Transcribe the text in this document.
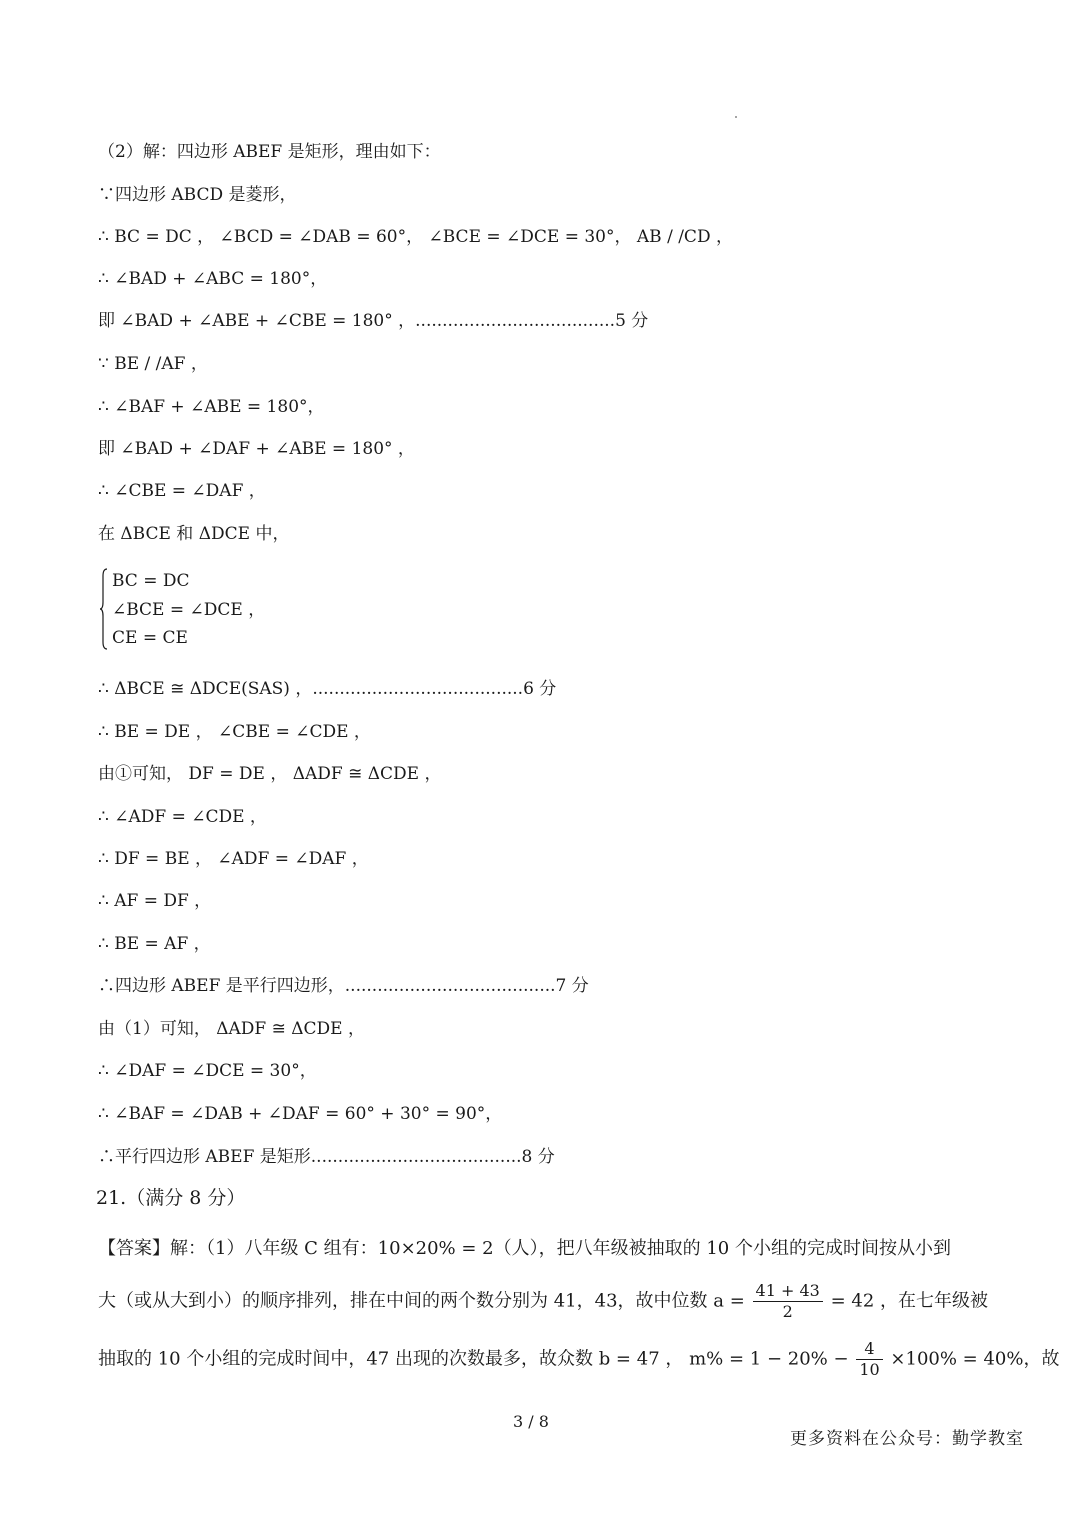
（2）解：四边形 ABEF 是矩形，理由如下：
∵四边形 ABCD 是菱形，
∴ BC = DC ， ∠BCD = ∠DAB = 60°， ∠BCE = ∠DCE = 30°， AB / /CD ，
∴ ∠BAD + ∠ABC = 180°，
即 ∠BAD + ∠ABE + ∠CBE = 180° ，.....................................5 分
∵ BE / /AF ，
∴ ∠BAF + ∠ABE = 180°，
即 ∠BAD + ∠DAF + ∠ABE = 180° ，
∴ ∠CBE = ∠DAF ，
在 ΔBCE 和 ΔDCE 中，
BC = DC
∠BCE = ∠DCE ，
CE = CE
∴ ΔBCE ≅ ΔDCE(SAS) ，.......................................6 分
∴ BE = DE ， ∠CBE = ∠CDE ，
由①可知， DF = DE ， ΔADF ≅ ΔCDE ，
∴ ∠ADF = ∠CDE ，
∴ DF = BE ， ∠ADF = ∠DAF ，
∴ AF = DF ，
∴ BE = AF ，
∴四边形 ABEF 是平行四边形，.......................................7 分
由（1）可知， ΔADF ≅ ΔCDE ，
∴ ∠DAF = ∠DCE = 30°，
∴ ∠BAF = ∠DAB + ∠DAF = 60° + 30° = 90°，
∴平行四边形 ABEF 是矩形.......................................8 分
21.（满分 8 分）
【答案】解：（1）八年级 C 组有：10×20% = 2（人），把八年级被抽取的 10 个小组的完成时间按从小到
大（或从大到小）的顺序排列，排在中间的两个数分别为 41，43，故中位数 $a = \frac{41 + 43}{2} = 42$ ，在七年级被
抽取的 10 个小组的完成时间中，47 出现的次数最多，故众数 b = 47 ， $m\% = 1 - 20\% - \frac{4}{10} \times 100\% = 40\%$，故
3 / 8
更多资料在公众号：勤学教室
